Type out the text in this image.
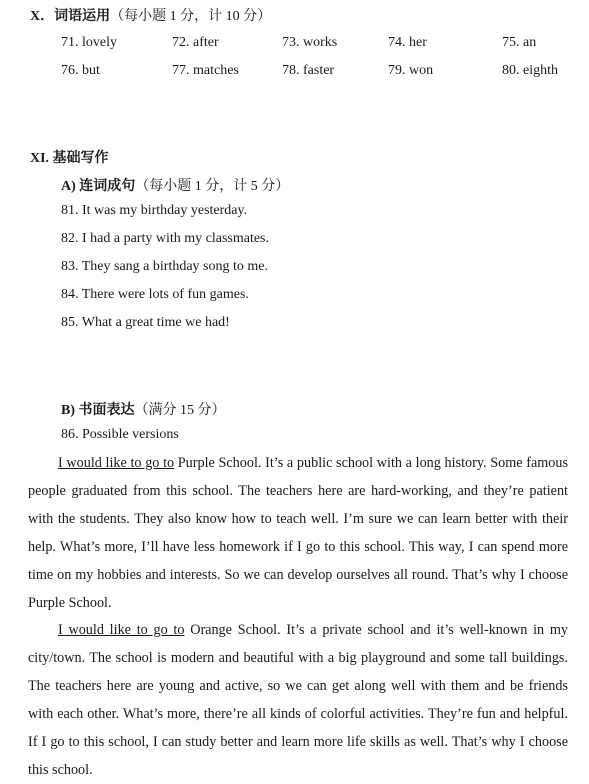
X．词语运用（每小题 1 分，计 10 分）
71. lovely	72. after	73. works	74. her	75. an
76. but	77. matches	78. faster	79. won	80. eighth
XI. 基础写作
A) 连词成句（每小题 1 分，计 5 分）
81. It was my birthday yesterday.
82. I had a party with my classmates.
83. They sang a birthday song to me.
84. There were lots of fun games.
85. What a great time we had!
B) 书面表达（满分 15 分）
86. Possible versions

I would like to go to Purple School. It’s a public school with a long history. Some famous people graduated from this school. The teachers here are hard-working, and they’re patient with the students. They also know how to teach well. I’m sure we can learn better with their help. What’s more, I’ll have less homework if I go to this school. This way, I can spend more time on my hobbies and interests. So we can develop ourselves all round. That’s why I choose Purple School.

I would like to go to Orange School. It’s a private school and it’s well-known in my city/town. The school is modern and beautiful with a big playground and some tall buildings. The teachers here are young and active, so we can get along well with them and be friends with each other. What’s more, there’re all kinds of colorful activities. They’re fun and helpful. If I go to this school, I can study better and learn more life skills as well. That’s why I choose this school.
